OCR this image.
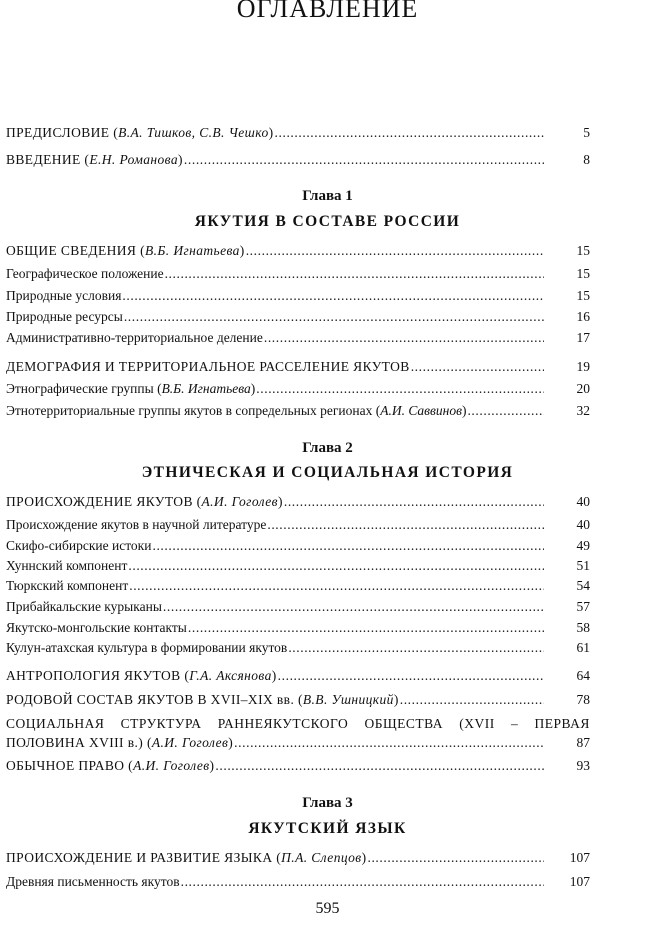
ОГЛАВЛЕНИЕ
ПРЕДИСЛОВИЕ (В.А. Тишков, С.В. Чешко) .....	5
ВВЕДЕНИЕ (Е.Н. Романова) .....	8
Глава 1
ЯКУТИЯ В СОСТАВЕ РОССИИ
ОБЩИЕ СВЕДЕНИЯ (В.Б. Игнатьева) .....	15
Географическое положение .....	15
Природные условия .....	15
Природные ресурсы .....	16
Административно-территориальное деление .....	17
ДЕМОГРАФИЯ И ТЕРРИТОРИАЛЬНОЕ РАССЕЛЕНИЕ ЯКУТОВ .....	19
Этнографические группы (В.Б. Игнатьева) .....	20
Этнотерриториальные группы якутов в сопредельных регионах (А.И. Саввинов) .....	32
Глава 2
ЭТНИЧЕСКАЯ И СОЦИАЛЬНАЯ ИСТОРИЯ
ПРОИСХОЖДЕНИЕ ЯКУТОВ (А.И. Гоголев) .....	40
Происхождение якутов в научной литературе .....	40
Скифо-сибирские истоки .....	49
Хуннский компонент .....	51
Тюркский компонент .....	54
Прибайкальские курыканы .....	57
Якутско-монгольские контакты .....	58
Кулун-атахская культура в формировании якутов .....	61
АНТРОПОЛОГИЯ ЯКУТОВ (Г.А. Аксянова) .....	64
РОДОВОЙ СОСТАВ ЯКУТОВ В XVII–XIX вв. (В.В. Ушницкий) .....	78
СОЦИАЛЬНАЯ СТРУКТУРА РАННЕЯКУТСКОГО ОБЩЕСТВА (XVII – ПЕРВАЯ
ПОЛОВИНА XVIII в.) (А.И. Гоголев) .....	87
ОБЫЧНОЕ ПРАВО (А.И. Гоголев) .....	93
Глава 3
ЯКУТСКИЙ ЯЗЫК
ПРОИСХОЖДЕНИЕ И РАЗВИТИЕ ЯЗЫКА (П.А. Слепцов) .....	107
Древняя письменность якутов .....	107
595
